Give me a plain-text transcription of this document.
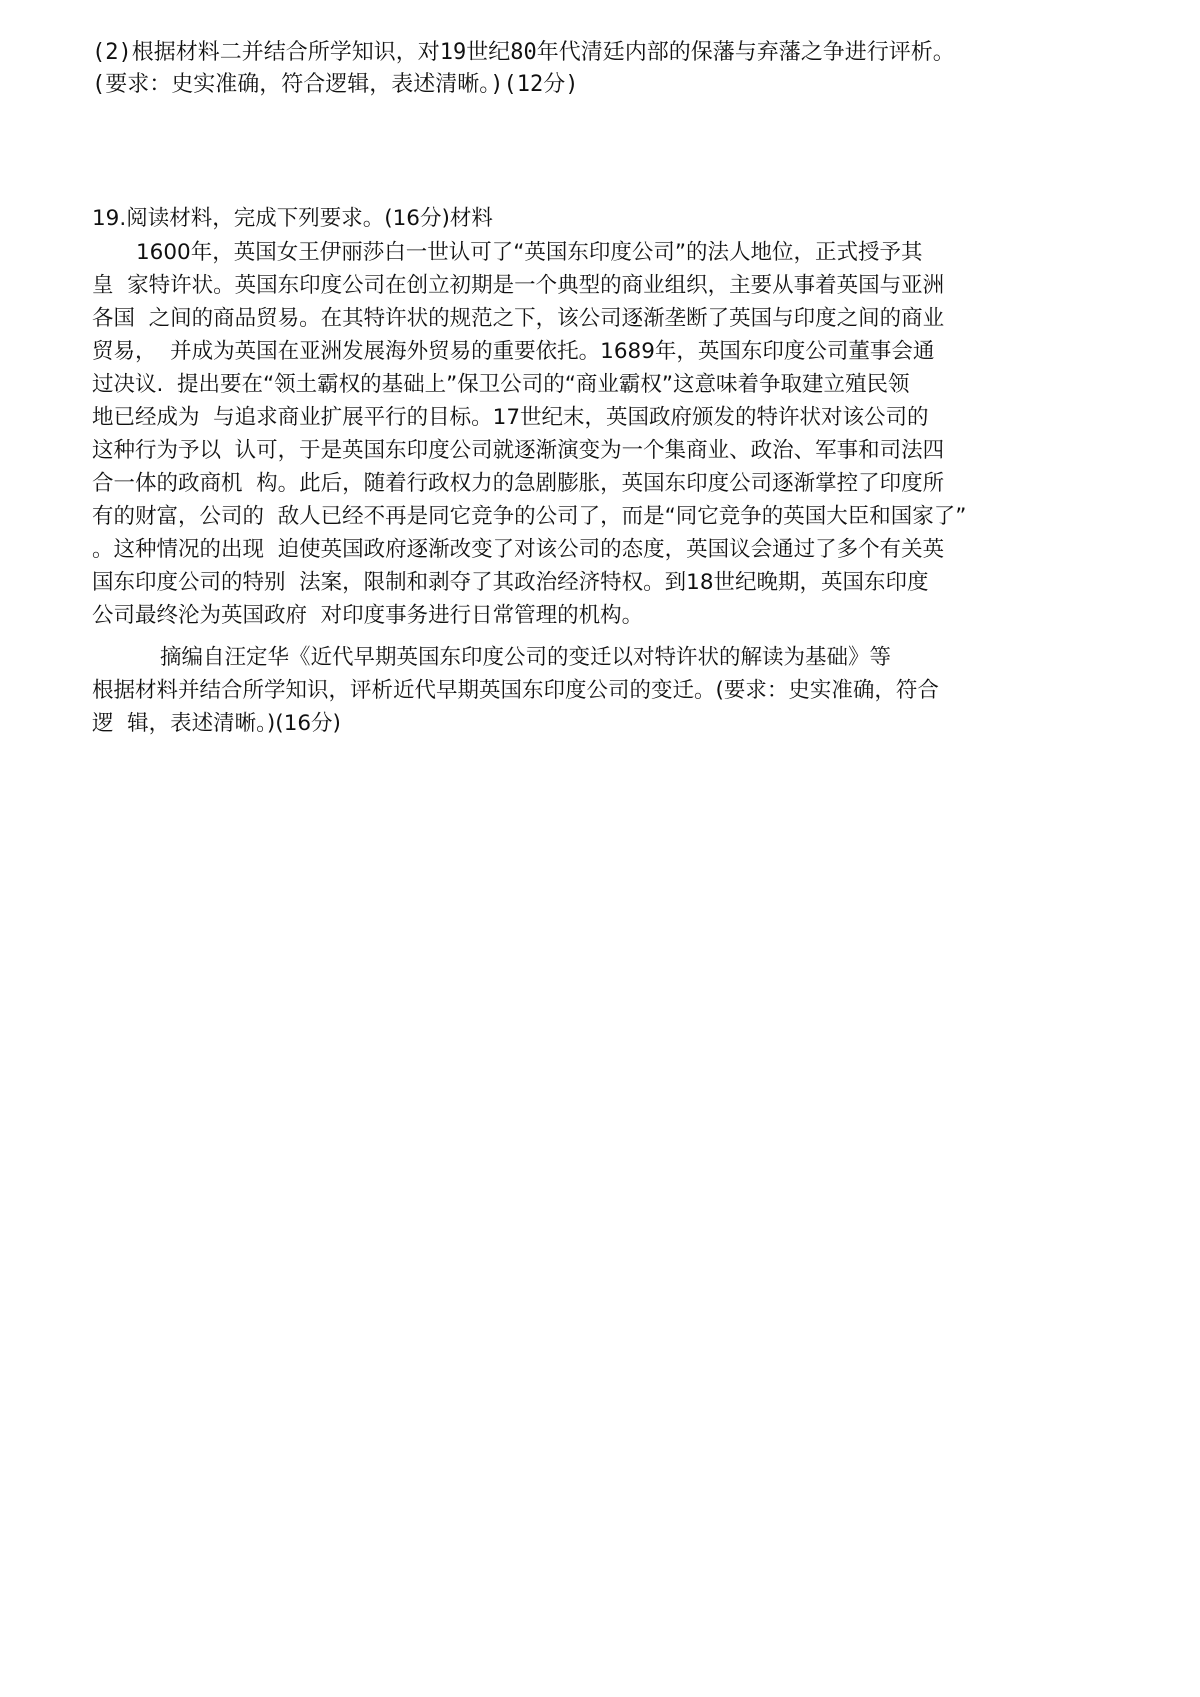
(2)根据材料二并结合所学知识，对19世纪80年代清廷内部的保藩与弃藩之争进行评析。
(要求：史实准确，符合逻辑，表述清晰。)(12分)
19.阅读材料，完成下列要求。(16分)材料
1600年，英国女王伊丽莎白一世认可了“英国东印度公司”的法人地位，正式授予其
皇  家特许状。英国东印度公司在创立初期是一个典型的商业组织，主要从事着英国与亚洲
各国  之间的商品贸易。在其特许状的规范之下，该公司逐渐垄断了英国与印度之间的商业
贸易，  并成为英国在亚洲发展海外贸易的重要依托。1689年，英国东印度公司董事会通
过决议.  提出要在“领土霸权的基础上”保卫公司的“商业霸权”这意味着争取建立殖民领
地已经成为  与追求商业扩展平行的目标。17世纪末，英国政府颁发的特许状对该公司的
这种行为予以  认可，于是英国东印度公司就逐渐演变为一个集商业、政治、军事和司法四
合一体的政商机  构。此后，随着行政权力的急剧膨胀，英国东印度公司逐渐掌控了印度所
有的财富，公司的  敌人已经不再是同它竞争的公司了，而是“同它竞争的英国大臣和国家了”
。这种情况的出现  迫使英国政府逐渐改变了对该公司的态度，英国议会通过了多个有关英
国东印度公司的特别  法案，限制和剥夺了其政治经济特权。到18世纪晚期，英国东印度
公司最终沦为英国政府  对印度事务进行日常管理的机构。
摘编自汪定华《近代早期英国东印度公司的变迁以对特许状的解读为基础》等
根据材料并结合所学知识，评析近代早期英国东印度公司的变迁。(要求：史实准确，符合
逻  辑，表述清晰。)(16分)
